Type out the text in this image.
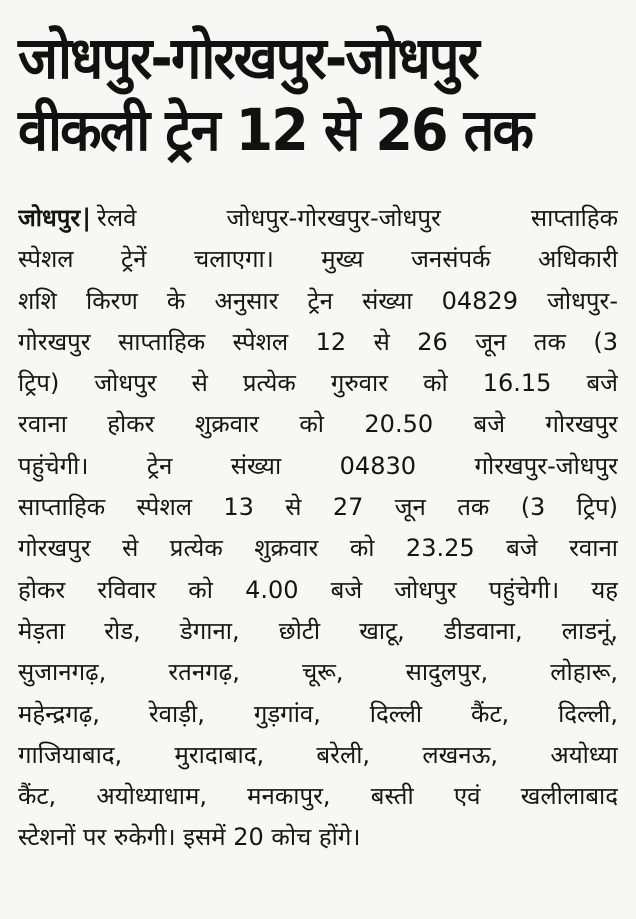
जोधपुर-गोरखपुर-जोधपुर
वीकली ट्रेन 12 से 26 तक
जोधपुर| रेलवे जोधपुर-गोरखपुर-जोधपुर साप्ताहिक
स्पेशल ट्रेनें चलाएगा। मुख्य जनसंपर्क अधिकारी
शशि किरण के अनुसार ट्रेन संख्या 04829 जोधपुर-
गोरखपुर साप्ताहिक स्पेशल 12 से 26 जून तक (3
ट्रिप) जोधपुर से प्रत्येक गुरुवार को 16.15 बजे
रवाना होकर शुक्रवार को 20.50 बजे गोरखपुर
पहुंचेगी। ट्रेन संख्या 04830 गोरखपुर-जोधपुर
साप्ताहिक स्पेशल 13 से 27 जून तक (3 ट्रिप)
गोरखपुर से प्रत्येक शुक्रवार को 23.25 बजे रवाना
होकर रविवार को 4.00 बजे जोधपुर पहुंचेगी। यह
मेड़ता रोड, डेगाना, छोटी खाटू, डीडवाना, लाडनूं,
सुजानगढ़, रतनगढ़, चूरू, सादुलपुर, लोहारू,
महेन्द्रगढ़, रेवाड़ी, गुड़गांव, दिल्ली कैंट, दिल्ली,
गाजियाबाद, मुरादाबाद, बरेली, लखनऊ, अयोध्या
कैंट, अयोध्याधाम, मनकापुर, बस्ती एवं खलीलाबाद
स्टेशनों पर रुकेगी। इसमें 20 कोच होंगे।
